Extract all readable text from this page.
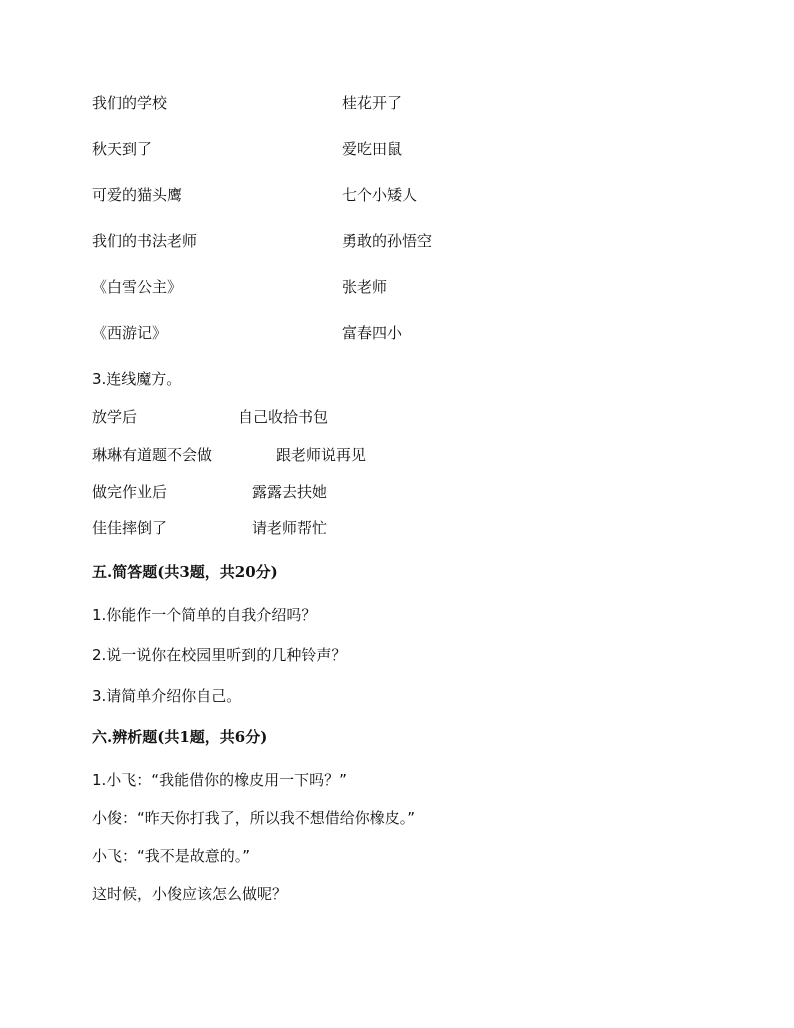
我们的学校	桂花开了
秋天到了	爱吃田鼠
可爱的猫头鹰	七个小矮人
我们的书法老师	勇敢的孙悟空
《白雪公主》	张老师
《西游记》	富春四小
3.连线魔方。
放学后	自己收拾书包
琳琳有道题不会做	跟老师说再见
做完作业后	露露去扶她
佳佳摔倒了	请老师帮忙
五.简答题(共3题，共20分)
1.你能作一个简单的自我介绍吗？
2.说一说你在校园里听到的几种铃声？
3.请简单介绍你自己。
六.辨析题(共1题，共6分)
1.小飞：“我能借你的橡皮用一下吗？”
小俊：“昨天你打我了，所以我不想借给你橡皮。”
小飞：“我不是故意的。”
这时候，小俊应该怎么做呢？
